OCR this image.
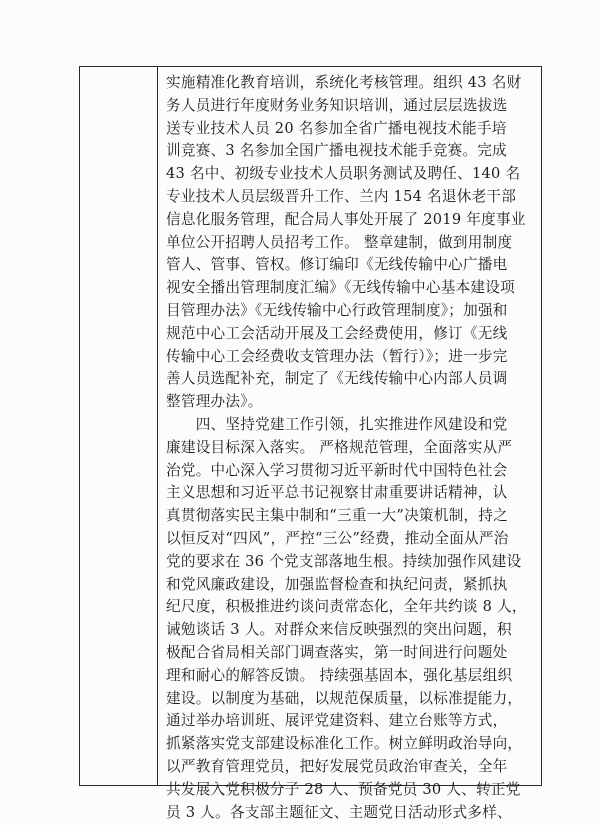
实施精准化教育培训，系统化考核管理。组织 43 名财
务人员进行年度财务业务知识培训，通过层层选拔选
送专业技术人员 20 名参加全省广播电视技术能手培
训竞赛、3 名参加全国广播电视技术能手竞赛。完成
43 名中、初级专业技术人员职务测试及聘任、140 名
专业技术人员层级晋升工作、兰内 154 名退休老干部
信息化服务管理，配合局人事处开展了 2019 年度事业
单位公开招聘人员招考工作。 整章建制，做到用制度
管人、管事、管权。修订编印《无线传输中心广播电
视安全播出管理制度汇编》《无线传输中心基本建设项
目管理办法》《无线传输中心行政管理制度》；加强和
规范中心工会活动开展及工会经费使用，修订《无线
传输中心工会经费收支管理办法（暂行）》；进一步完
善人员选配补充，制定了《无线传输中心内部人员调
整管理办法》。
　　四、坚持党建工作引领，扎实推进作风建设和党
廉建设目标深入落实。 严格规范管理，全面落实从严
治党。中心深入学习贯彻习近平新时代中国特色社会
主义思想和习近平总书记视察甘肃重要讲话精神，认
真贯彻落实民主集中制和“三重一大”决策机制，持之
以恒反对“四风”，严控“三公”经费，推动全面从严治
党的要求在 36 个党支部落地生根。持续加强作风建设
和党风廉政建设，加强监督检查和执纪问责，紧抓执
纪尺度，积极推进约谈问责常态化，全年共约谈 8 人，
诫勉谈话 3 人。对群众来信反映强烈的突出问题，积
极配合省局相关部门调查落实，第一时间进行问题处
理和耐心的解答反馈。 持续强基固本，强化基层组织
建设。以制度为基础，以规范保质量，以标准提能力，
通过举办培训班、展评党建资料、建立台账等方式，
抓紧落实党支部建设标准化工作。树立鲜明政治导向，
以严教育管理党员，把好发展党员政治审查关，全年
共发展入党积极分子 28 人、预备党员 30 人、转正党
员 3 人。各支部主题征文、主题党日活动形式多样、
